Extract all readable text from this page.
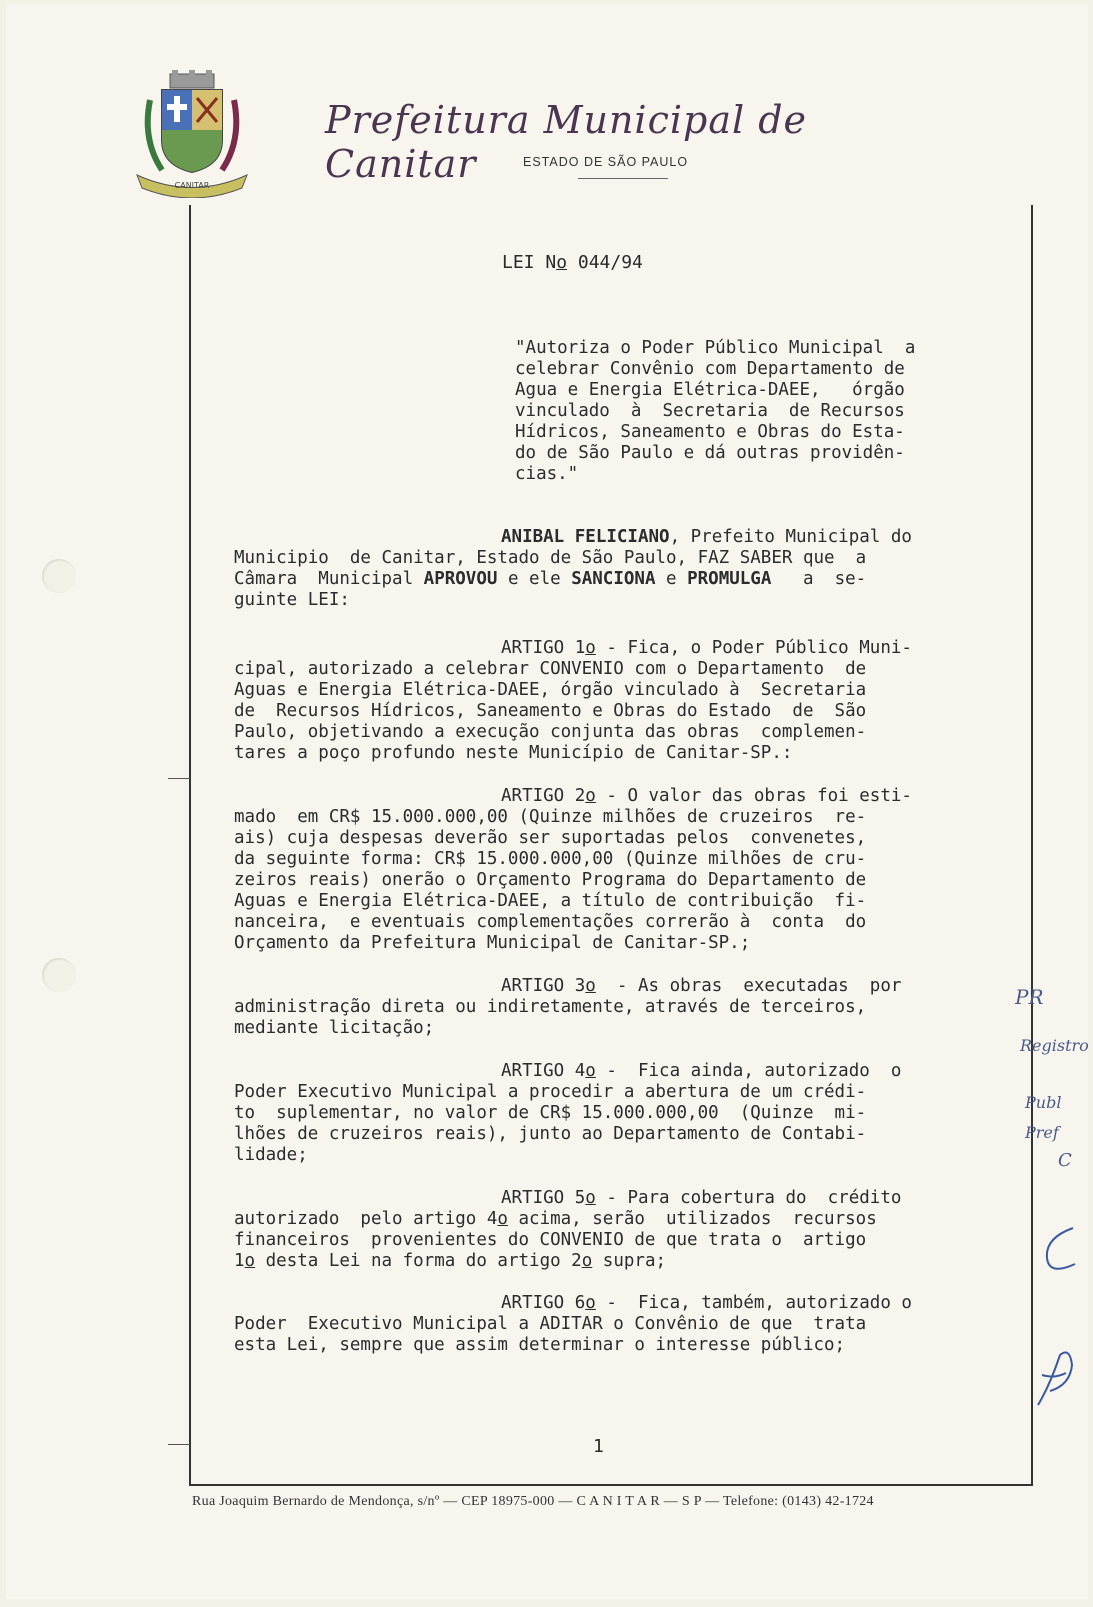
CANITAR
Prefeitura Municipal de Canitar	ESTADO DE SÃO PAULO
LEI No 044/94
"Autoriza o Poder Público Municipal  a
celebrar Convênio com Departamento de
Agua e Energia Elétrica-DAEE,   órgão
vinculado  à  Secretaria  de Recursos
Hídricos, Saneamento e Obras do Esta-
do de São Paulo e dá outras providên-
cias."
ANIBAL FELICIANO, Prefeito Municipal do
Municipio  de Canitar, Estado de São Paulo, FAZ SABER que  a
Câmara  Municipal APROVOU e ele SANCIONA e PROMULGA   a  se-
guinte LEI:
ARTIGO 1o - Fica, o Poder Público Muni-
cipal, autorizado a celebrar CONVENIO com o Departamento  de
Aguas e Energia Elétrica-DAEE, órgão vinculado à  Secretaria
de  Recursos Hídricos, Saneamento e Obras do Estado  de  São
Paulo, objetivando a execução conjunta das obras  complemen-
tares a poço profundo neste Município de Canitar-SP.:
ARTIGO 2o - O valor das obras foi esti-
mado  em CR$ 15.000.000,00 (Quinze milhões de cruzeiros  re-
ais) cuja despesas deverão ser suportadas pelos  convenetes,
da seguinte forma: CR$ 15.000.000,00 (Quinze milhões de cru-
zeiros reais) onerão o Orçamento Programa do Departamento de
Aguas e Energia Elétrica-DAEE, a título de contribuição  fi-
nanceira,  e eventuais complementações correrão à  conta  do
Orçamento da Prefeitura Municipal de Canitar-SP.;
ARTIGO 3o  - As obras  executadas  por
administração direta ou indiretamente, através de terceiros,
mediante licitação;
ARTIGO 4o -  Fica ainda, autorizado  o
Poder Executivo Municipal a procedir a abertura de um crédi-
to  suplementar, no valor de CR$ 15.000.000,00  (Quinze  mi-
lhões de cruzeiros reais), junto ao Departamento de Contabi-
lidade;
ARTIGO 5o - Para cobertura do  crédito
autorizado  pelo artigo 4o acima, serão  utilizados  recursos
financeiros  provenientes do CONVENIO de que trata o  artigo
1o desta Lei na forma do artigo 2o supra;
ARTIGO 6o -  Fica, também, autorizado o
Poder  Executivo Municipal a ADITAR o Convênio de que  trata
esta Lei, sempre que assim determinar o interesse público;
1
Rua Joaquim Bernardo de Mendonça, s/nº — CEP 18975-000 — C A N I T A R — S P — Telefone: (0143) 42-1724
PR
Registro
Publ
Pref
C
